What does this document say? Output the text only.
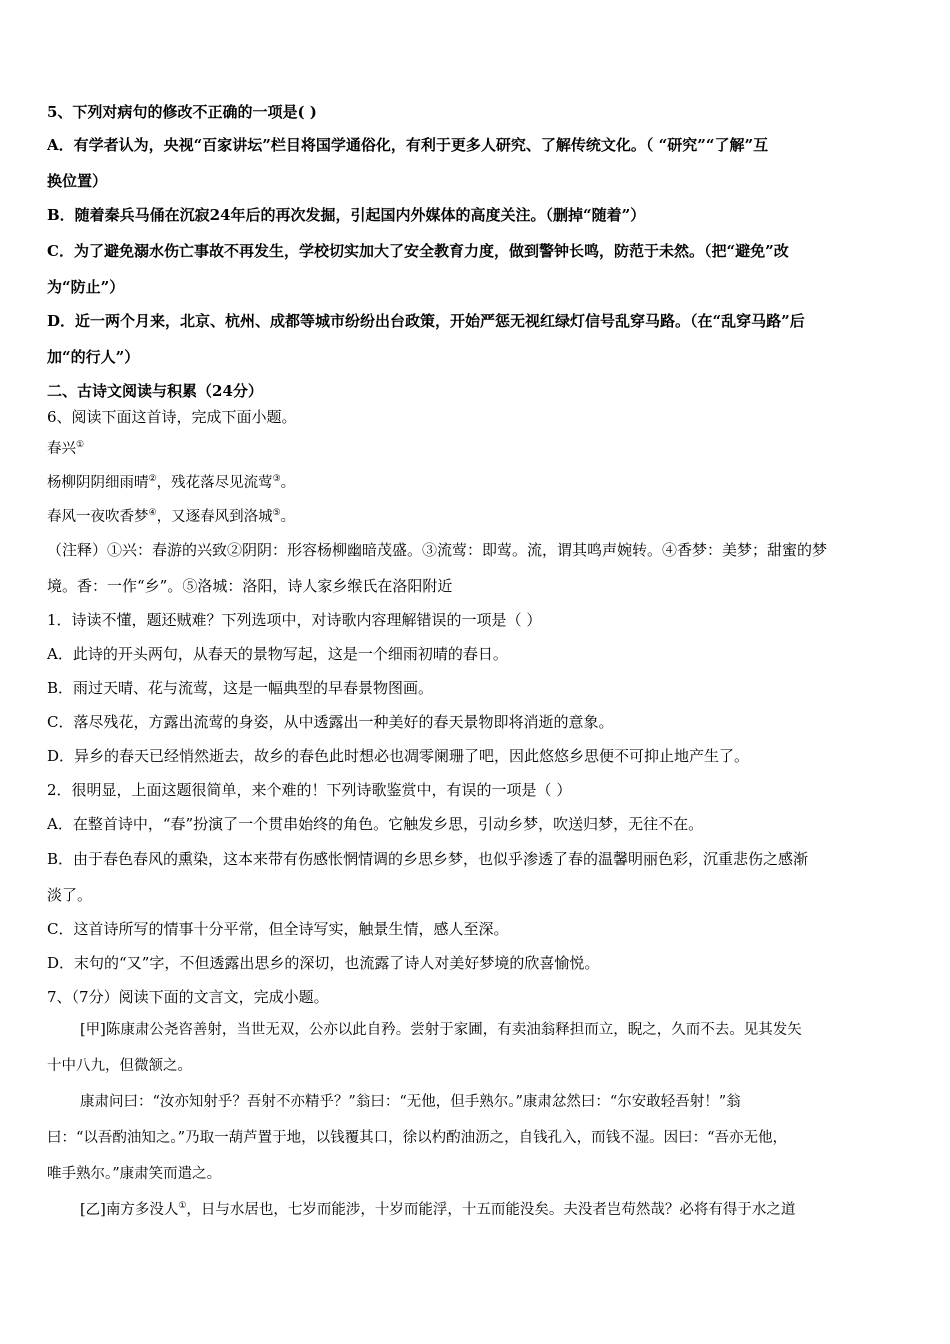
5、下列对病句的修改不正确的一项是( )
A．有学者认为，央视“百家讲坛”栏目将国学通俗化，有利于更多人研究、了解传统文化。（ “研究”“了解”互
换位置）
B．随着秦兵马俑在沉寂24年后的再次发掘，引起国内外媒体的高度关注。（删掉“随着”）
C．为了避免溺水伤亡事故不再发生，学校切实加大了安全教育力度，做到警钟长鸣，防范于未然。（把“避免”改
为“防止”）
D．近一两个月来，北京、杭州、成都等城市纷纷出台政策，开始严惩无视红绿灯信号乱穿马路。（在“乱穿马路”后
加“的行人”）
二、古诗文阅读与积累（24分）
6、阅读下面这首诗，完成下面小题。
春兴①
杨柳阴阴细雨晴②，残花落尽见流莺③。
春风一夜吹香梦④，又逐春风到洛城⑤。
（注释）①兴：春游的兴致②阴阴：形容杨柳幽暗茂盛。③流莺：即莺。流，谓其鸣声婉转。④香梦：美梦；甜蜜的梦
境。香：一作“乡”。⑤洛城：洛阳，诗人家乡缑氏在洛阳附近
1．诗读不懂，题还贼难？下列选项中，对诗歌内容理解错误的一项是（ ）
A．此诗的开头两句，从春天的景物写起，这是一个细雨初晴的春日。
B．雨过天晴、花与流莺，这是一幅典型的早春景物图画。
C．落尽残花，方露出流莺的身姿，从中透露出一种美好的春天景物即将消逝的意象。
D．异乡的春天已经悄然逝去，故乡的春色此时想必也凋零阑珊了吧，因此悠悠乡思便不可抑止地产生了。
2．很明显，上面这题很简单，来个难的！下列诗歌鉴赏中，有误的一项是（ ）
A．在整首诗中，“春”扮演了一个贯串始终的角色。它触发乡思，引动乡梦，吹送归梦，无往不在。
B．由于春色春风的熏染，这本来带有伤感怅惘情调的乡思乡梦，也似乎渗透了春的温馨明丽色彩，沉重悲伤之感渐
淡了。
C．这首诗所写的情事十分平常，但全诗写实，触景生情，感人至深。
D．末句的“又”字，不但透露出思乡的深切，也流露了诗人对美好梦境的欣喜愉悦。
7、（7分）阅读下面的文言文，完成小题。
[甲]陈康肃公尧咨善射，当世无双，公亦以此自矜。尝射于家圃，有卖油翁释担而立，睨之，久而不去。见其发矢
十中八九，但微颔之。
康肃问曰：“汝亦知射乎？吾射不亦精乎？”翁曰：“无他，但手熟尔。”康肃忿然曰：“尔安敢轻吾射！”翁
曰：“以吾酌油知之。”乃取一葫芦置于地，以钱覆其口，徐以杓酌油沥之，自钱孔入，而钱不湿。因曰：“吾亦无他，
唯手熟尔。”康肃笑而遣之。
[乙]南方多没人①，日与水居也，七岁而能涉，十岁而能浮，十五而能没矣。夫没者岂苟然哉？必将有得于水之道
